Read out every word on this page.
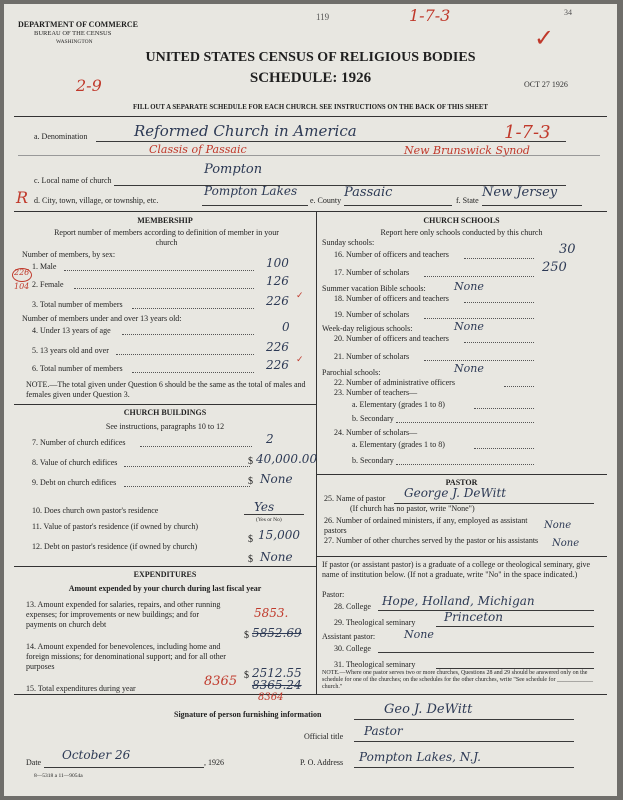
DEPARTMENT OF COMMERCE
BUREAU OF THE CENSUS
WASHINGTON
119	1-7-3	34
✓
UNITED STATES CENSUS OF RELIGIOUS BODIES
SCHEDULE: 1926
2-9	OCT 27 1926
FILL OUT A SEPARATE SCHEDULE FOR EACH CHURCH. SEE INSTRUCTIONS ON THE BACK OF THIS SHEET
a. Denomination	Reformed Church in America	1-7-3
Classis of Passaic	New Brunswick Synod
c. Local name of church
Pompton
R d. City, town, village, or township, etc.
Pompton Lakes
e. County
Passaic
f. State
New Jersey
MEMBERSHIP
Report number of members according to definition of member in your church
Number of members, by sex:
1. Male	100
226
104 2. Female	126
3. Total number of members	226 ✓
Number of members under and over 13 years old:
4. Under 13 years of age	0
5. 13 years old and over	226
6. Total number of members	226 ✓
NOTE.—The total given under Question 6 should be the same as the total of males and females given under Question 3.
CHURCH BUILDINGS
See instructions, paragraphs 10 to 12
7. Number of church edifices	2
8. Value of church edifices	$ 40,000.00
9. Debt on church edifices	$ None
10. Does church own pastor's residence	Yes
(Yes or No)
11. Value of pastor's residence (if owned by church)
$ 15,000
12. Debt on pastor's residence (if owned by church)
$ None
EXPENDITURES
Amount expended by your church during last fiscal year
13. Amount expended for salaries, repairs, and other running expenses; for improvements or new buildings; and for payments on church debt
5853.
$ 5852.69
14. Amount expended for benevolences, including home and foreign missions; for denominational support; and for all other purposes
$ 2512.55
15. Total expenditures during year	8365 8365.24
8364
CHURCH SCHOOLS
Report here only schools conducted by this church
Sunday schools:
16. Number of officers and teachers	30
17. Number of scholars	250
Summer vacation Bible schools:	None
18. Number of officers and teachers
19. Number of scholars
Week-day religious schools:	None
20. Number of officers and teachers
21. Number of scholars
Parochial schools:	None
22. Number of administrative officers
23. Number of teachers—
a. Elementary (grades 1 to 8)
b. Secondary
24. Number of scholars—
a. Elementary (grades 1 to 8)
b. Secondary
PASTOR
25. Name of pastor George J. DeWitt
(If church has no pastor, write "None")
26. Number of ordained ministers, if any, employed as assistant pastors	None
27. Number of other churches served by the pastor or his assistants None
If pastor (or assistant pastor) is a graduate of a college or theological seminary, give name of institution below. (If not a graduate, write "No" in the space indicated.)
Pastor:
28. College Hope, Holland, Michigan
29. Theological seminary Princeton
Assistant pastor:	None
30. College
31. Theological seminary
NOTE.—Where one pastor serves two or more churches, Questions 28 and 29 should be answered only on the schedule for one of the churches; on the schedules for the other churches, write "See schedule for ____________ church."
Signature of person furnishing information	Geo J. DeWitt
Official title Pastor
Date
October 26
, 1926	P. O. Address Pompton Lakes, N.J.
8—5318 a 11—9054a
